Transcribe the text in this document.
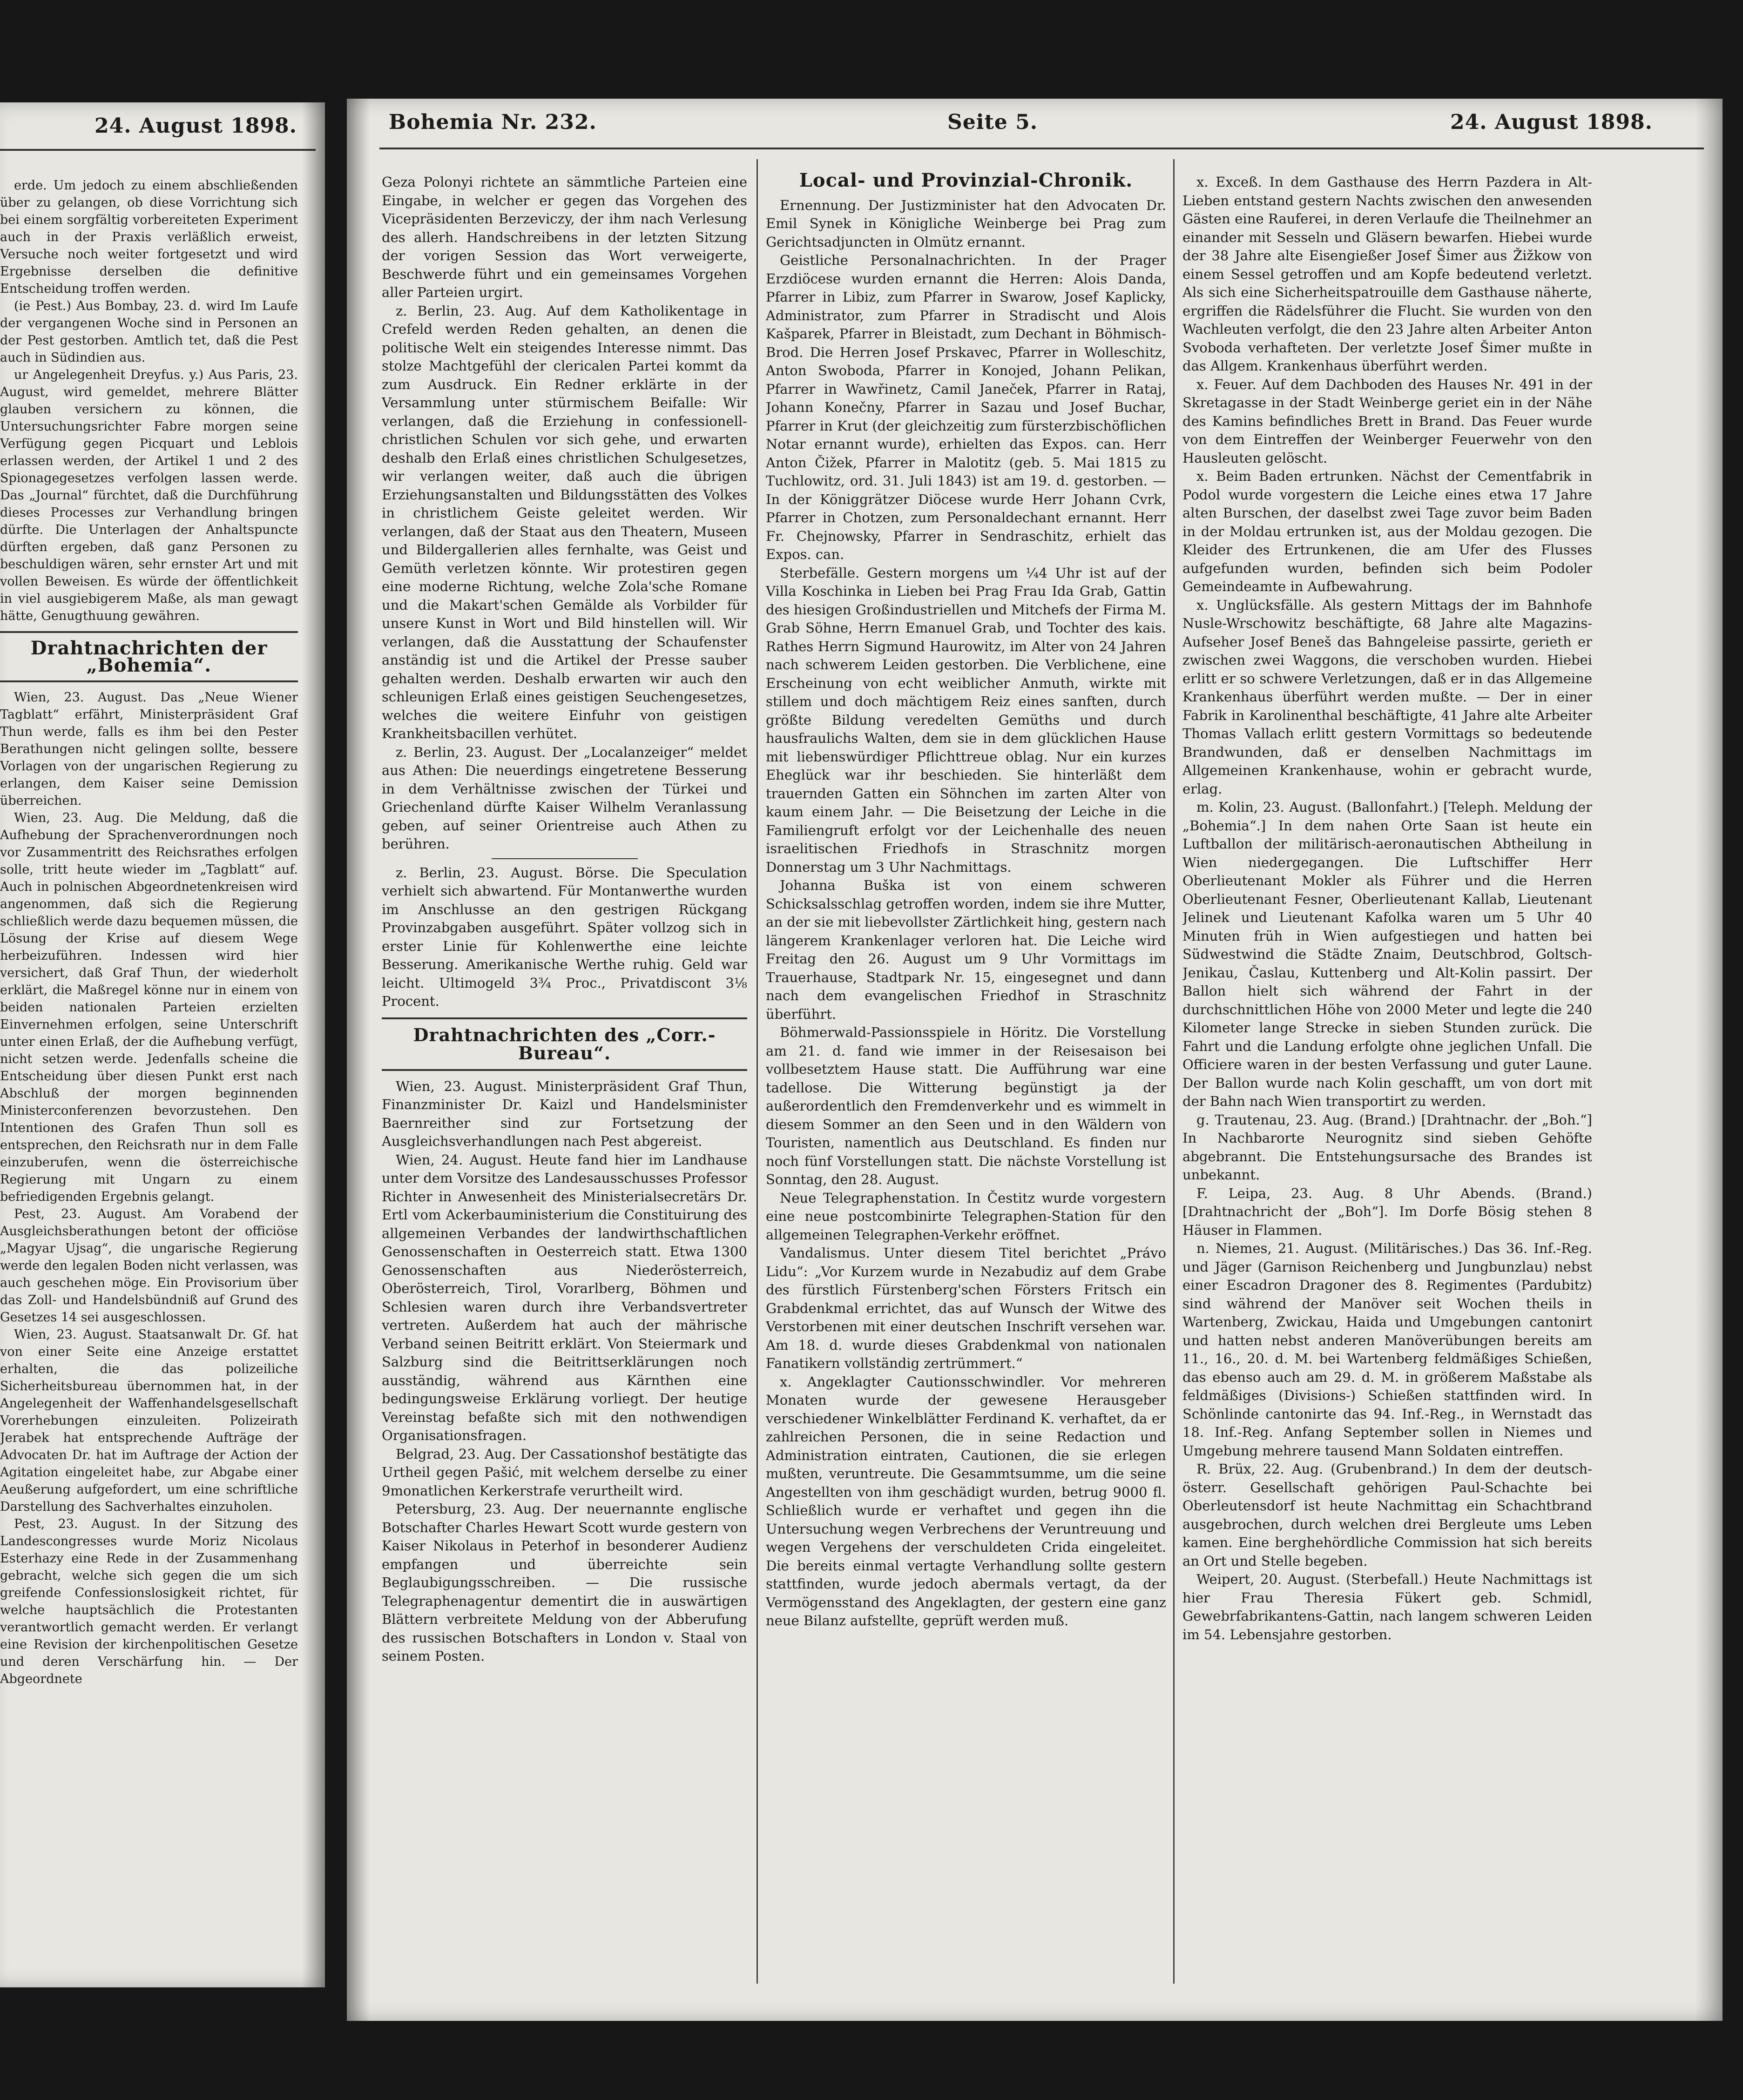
24. August 1898.

erde. Um jedoch zu einem abschließenden über zu gelangen, ob diese Vorrichtung sich bei einem sorgfältig vorbereiteten Experiment auch in der Praxis verläßlich erweist, Versuche noch weiter fortgesetzt und wird Ergebnisse derselben die definitive Entscheidung troffen werden.

(ie Pest.) Aus Bombay, 23. d. wird Im Laufe der vergangenen Woche sind in Personen an der Pest gestorben. Amtlich tet, daß die Pest auch in Südindien aus.

ur Angelegenheit Dreyfus. y.) Aus Paris, 23. August, wird gemeldet, mehrere Blätter glauben versichern zu können, die Untersuchungsrichter Fabre morgen seine Verfügung gegen Picquart und Leblois erlassen werden, der Artikel 1 und 2 des Spionagegesetzes verfolgen lassen werde. Das „Journal“ fürchtet, daß die Durchführung dieses Processes zur Verhandlung bringen dürfte. Die Unterlagen der Anhaltspuncte dürften ergeben, daß ganz Personen zu beschuldigen wären, sehr ernster Art und mit vollen Beweisen. Es würde der öffentlichkeit in viel ausgiebigerem Maße, als man gewagt hätte, Genugthuung gewähren.

Drahtnachrichten der „Bohemia“.

Wien, 23. August. Das „Neue Wiener Tagblatt“ erfährt, Ministerpräsident Graf Thun werde, falls es ihm bei den Pester Berathungen nicht gelingen sollte, bessere Vorlagen von der ungarischen Regierung zu erlangen, dem Kaiser seine Demission überreichen.

Wien, 23. Aug. Die Meldung, daß die Aufhebung der Sprachenverordnungen noch vor Zusammentritt des Reichsrathes erfolgen solle, tritt heute wieder im „Tagblatt“ auf. Auch in polnischen Abgeordnetenkreisen wird angenommen, daß sich die Regierung schließlich werde dazu bequemen müssen, die Lösung der Krise auf diesem Wege herbeizuführen. Indessen wird hier versichert, daß Graf Thun, der wiederholt erklärt, die Maßregel könne nur in einem von beiden nationalen Parteien erzielten Einvernehmen erfolgen, seine Unterschrift unter einen Erlaß, der die Aufhebung verfügt, nicht setzen werde. Jedenfalls scheine die Entscheidung über diesen Punkt erst nach Abschluß der morgen beginnenden Ministerconferenzen bevorzustehen. Den Intentionen des Grafen Thun soll es entsprechen, den Reichsrath nur in dem Falle einzuberufen, wenn die österreichische Regierung mit Ungarn zu einem befriedigenden Ergebnis gelangt.

Pest, 23. August. Am Vorabend der Ausgleichsberathungen betont der officiöse „Magyar Ujsag“, die ungarische Regierung werde den legalen Boden nicht verlassen, was auch geschehen möge. Ein Provisorium über das Zoll- und Handelsbündniß auf Grund des Gesetzes 14 sei ausgeschlossen.

Wien, 23. August. Staatsanwalt Dr. Gf. hat von einer Seite eine Anzeige erstattet erhalten, die das polizeiliche Sicherheitsbureau übernommen hat, in der Angelegenheit der Waffenhandelsgesellschaft Vorerhebungen einzuleiten. Polizeirath Jerabek hat entsprechende Aufträge der Advocaten Dr. hat im Auftrage der Action der Agitation eingeleitet habe, zur Abgabe einer Aeußerung aufgefordert, um eine schriftliche Darstellung des Sachverhaltes einzuholen.

Pest, 23. August. In der Sitzung des Landescongresses wurde Moriz Nicolaus Esterhazy eine Rede in der Zusammenhang gebracht, welche sich gegen die um sich greifende Confessionslosigkeit richtet, für welche hauptsächlich die Protestanten verantwortlich gemacht werden. Er verlangt eine Revision der kirchenpolitischen Gesetze und deren Verschärfung hin. — Der Abgeordnete

Bohemia Nr. 232.	Seite 5.	24. August 1898.

Geza Polonyi richtete an sämmtliche Parteien eine Eingabe, in welcher er gegen das Vorgehen des Vicepräsidenten Berzeviczy, der ihm nach Verlesung des allerh. Handschreibens in der letzten Sitzung der vorigen Session das Wort verweigerte, Beschwerde führt und ein gemeinsames Vorgehen aller Parteien urgirt.

z. Berlin, 23. Aug. Auf dem Katholikentage in Crefeld werden Reden gehalten, an denen die politische Welt ein steigendes Interesse nimmt. Das stolze Machtgefühl der clericalen Partei kommt da zum Ausdruck. Ein Redner erklärte in der Versammlung unter stürmischem Beifalle: Wir verlangen, daß die Erziehung in confessionell-christlichen Schulen vor sich gehe, und erwarten deshalb den Erlaß eines christlichen Schulgesetzes, wir verlangen weiter, daß auch die übrigen Erziehungsanstalten und Bildungsstätten des Volkes in christlichem Geiste geleitet werden. Wir verlangen, daß der Staat aus den Theatern, Museen und Bildergallerien alles fernhalte, was Geist und Gemüth verletzen könnte. Wir protestiren gegen eine moderne Richtung, welche Zola'sche Romane und die Makart'schen Gemälde als Vorbilder für unsere Kunst in Wort und Bild hinstellen will. Wir verlangen, daß die Ausstattung der Schaufenster anständig ist und die Artikel der Presse sauber gehalten werden. Deshalb erwarten wir auch den schleunigen Erlaß eines geistigen Seuchengesetzes, welches die weitere Einfuhr von geistigen Krankheitsbacillen verhütet.

z. Berlin, 23. August. Der „Localanzeiger“ meldet aus Athen: Die neuerdings eingetretene Besserung in dem Verhältnisse zwischen der Türkei und Griechenland dürfte Kaiser Wilhelm Veranlassung geben, auf seiner Orientreise auch Athen zu berühren.

z. Berlin, 23. August. Börse. Die Speculation verhielt sich abwartend. Für Montanwerthe wurden im Anschlusse an den gestrigen Rückgang Provinzabgaben ausgeführt. Später vollzog sich in erster Linie für Kohlenwerthe eine leichte Besserung. Amerikanische Werthe ruhig. Geld war leicht. Ultimogeld 3¾ Proc., Privatdiscont 3⅛ Procent.

Drahtnachrichten des „Corr.-Bureau“.

Wien, 23. August. Ministerpräsident Graf Thun, Finanzminister Dr. Kaizl und Handelsminister Baernreither sind zur Fortsetzung der Ausgleichsverhandlungen nach Pest abgereist.

Wien, 24. August. Heute fand hier im Landhause unter dem Vorsitze des Landesausschusses Professor Richter in Anwesenheit des Ministerialsecretärs Dr. Ertl vom Ackerbauministerium die Constituirung des allgemeinen Verbandes der landwirthschaftlichen Genossenschaften in Oesterreich statt. Etwa 1300 Genossenschaften aus Niederösterreich, Oberösterreich, Tirol, Vorarlberg, Böhmen und Schlesien waren durch ihre Verbandsvertreter vertreten. Außerdem hat auch der mährische Verband seinen Beitritt erklärt. Von Steiermark und Salzburg sind die Beitrittserklärungen noch ausständig, während aus Kärnthen eine bedingungsweise Erklärung vorliegt. Der heutige Vereinstag befaßte sich mit den nothwendigen Organisationsfragen.

Belgrad, 23. Aug. Der Cassationshof bestätigte das Urtheil gegen Pašić, mit welchem derselbe zu einer 9monatlichen Kerkerstrafe verurtheilt wird.

Petersburg, 23. Aug. Der neuernannte englische Botschafter Charles Hewart Scott wurde gestern von Kaiser Nikolaus in Peterhof in besonderer Audienz empfangen und überreichte sein Beglaubigungsschreiben. — Die russische Telegraphenagentur dementirt die in auswärtigen Blättern verbreitete Meldung von der Abberufung des russischen Botschafters in London v. Staal von seinem Posten.

Local- und Provinzial-Chronik.

Ernennung. Der Justizminister hat den Advocaten Dr. Emil Synek in Königliche Weinberge bei Prag zum Gerichtsadjuncten in Olmütz ernannt.

Geistliche Personalnachrichten. In der Prager Erzdiöcese wurden ernannt die Herren: Alois Danda, Pfarrer in Libiz, zum Pfarrer in Swarow, Josef Kaplicky, Administrator, zum Pfarrer in Stradischt und Alois Kašparek, Pfarrer in Bleistadt, zum Dechant in Böhmisch-Brod. Die Herren Josef Prskavec, Pfarrer in Wolleschitz, Anton Swoboda, Pfarrer in Konojed, Johann Pelikan, Pfarrer in Wawřinetz, Camil Janeček, Pfarrer in Rataj, Johann Konečny, Pfarrer in Sazau und Josef Buchar, Pfarrer in Krut (der gleichzeitig zum fürsterzbischöflichen Notar ernannt wurde), erhielten das Expos. can. Herr Anton Čižek, Pfarrer in Malotitz (geb. 5. Mai 1815 zu Tuchlowitz, ord. 31. Juli 1843) ist am 19. d. gestorben. — In der Königgrätzer Diöcese wurde Herr Johann Cvrk, Pfarrer in Chotzen, zum Personaldechant ernannt. Herr Fr. Chejnowsky, Pfarrer in Sendraschitz, erhielt das Expos. can.

Sterbefälle. Gestern morgens um ¼4 Uhr ist auf der Villa Koschinka in Lieben bei Prag Frau Ida Grab, Gattin des hiesigen Großindustriellen und Mitchefs der Firma M. Grab Söhne, Herrn Emanuel Grab, und Tochter des kais. Rathes Herrn Sigmund Haurowitz, im Alter von 24 Jahren nach schwerem Leiden gestorben. Die Verblichene, eine Erscheinung von echt weiblicher Anmuth, wirkte mit stillem und doch mächtigem Reiz eines sanften, durch größte Bildung veredelten Gemüths und durch hausfraulichs Walten, dem sie in dem glücklichen Hause mit liebenswürdiger Pflichttreue oblag. Nur ein kurzes Eheglück war ihr beschieden. Sie hinterläßt dem trauernden Gatten ein Söhnchen im zarten Alter von kaum einem Jahr. — Die Beisetzung der Leiche in die Familiengruft erfolgt vor der Leichenhalle des neuen israelitischen Friedhofs in Straschnitz morgen Donnerstag um 3 Uhr Nachmittags.

Johanna Buška ist von einem schweren Schicksalsschlag getroffen worden, indem sie ihre Mutter, an der sie mit liebevollster Zärtlichkeit hing, gestern nach längerem Krankenlager verloren hat. Die Leiche wird Freitag den 26. August um 9 Uhr Vormittags im Trauerhause, Stadtpark Nr. 15, eingesegnet und dann nach dem evangelischen Friedhof in Straschnitz überführt.

Böhmerwald-Passionsspiele in Höritz. Die Vorstellung am 21. d. fand wie immer in der Reisesaison bei vollbesetztem Hause statt. Die Aufführung war eine tadellose. Die Witterung begünstigt ja der außerordentlich den Fremdenverkehr und es wimmelt in diesem Sommer an den Seen und in den Wäldern von Touristen, namentlich aus Deutschland. Es finden nur noch fünf Vorstellungen statt. Die nächste Vorstellung ist Sonntag, den 28. August.

Neue Telegraphenstation. In Čestitz wurde vorgestern eine neue postcombinirte Telegraphen-Station für den allgemeinen Telegraphen-Verkehr eröffnet.

Vandalismus. Unter diesem Titel berichtet „Právo Lidu“: „Vor Kurzem wurde in Nezabudiz auf dem Grabe des fürstlich Fürstenberg'schen Försters Fritsch ein Grabdenkmal errichtet, das auf Wunsch der Witwe des Verstorbenen mit einer deutschen Inschrift versehen war. Am 18. d. wurde dieses Grabdenkmal von nationalen Fanatikern vollständig zertrümmert.“

x. Angeklagter Cautionsschwindler. Vor mehreren Monaten wurde der gewesene Herausgeber verschiedener Winkelblätter Ferdinand K. verhaftet, da er zahlreichen Personen, die in seine Redaction und Administration eintraten, Cautionen, die sie erlegen mußten, veruntreute. Die Gesammtsumme, um die seine Angestellten von ihm geschädigt wurden, betrug 9000 fl. Schließlich wurde er verhaftet und gegen ihn die Untersuchung wegen Verbrechens der Veruntreuung und wegen Vergehens der verschuldeten Crida eingeleitet. Die bereits einmal vertagte Verhandlung sollte gestern stattfinden, wurde jedoch abermals vertagt, da der Vermögensstand des Angeklagten, der gestern eine ganz neue Bilanz aufstellte, geprüft werden muß.

x. Exceß. In dem Gasthause des Herrn Pazdera in Alt-Lieben entstand gestern Nachts zwischen den anwesenden Gästen eine Rauferei, in deren Verlaufe die Theilnehmer an einander mit Sesseln und Gläsern bewarfen. Hiebei wurde der 38 Jahre alte Eisengießer Josef Šimer aus Žižkow von einem Sessel getroffen und am Kopfe bedeutend verletzt. Als sich eine Sicherheitspatrouille dem Gasthause näherte, ergriffen die Rädelsführer die Flucht. Sie wurden von den Wachleuten verfolgt, die den 23 Jahre alten Arbeiter Anton Svoboda verhafteten. Der verletzte Josef Šimer mußte in das Allgem. Krankenhaus überführt werden.

x. Feuer. Auf dem Dachboden des Hauses Nr. 491 in der Skretagasse in der Stadt Weinberge geriet ein in der Nähe des Kamins befindliches Brett in Brand. Das Feuer wurde von dem Eintreffen der Weinberger Feuerwehr von den Hausleuten gelöscht.

x. Beim Baden ertrunken. Nächst der Cementfabrik in Podol wurde vorgestern die Leiche eines etwa 17 Jahre alten Burschen, der daselbst zwei Tage zuvor beim Baden in der Moldau ertrunken ist, aus der Moldau gezogen. Die Kleider des Ertrunkenen, die am Ufer des Flusses aufgefunden wurden, befinden sich beim Podoler Gemeindeamte in Aufbewahrung.

x. Unglücksfälle. Als gestern Mittags der im Bahnhofe Nusle-Wrschowitz beschäftigte, 68 Jahre alte Magazins-Aufseher Josef Beneš das Bahngeleise passirte, gerieth er zwischen zwei Waggons, die verschoben wurden. Hiebei erlitt er so schwere Verletzungen, daß er in das Allgemeine Krankenhaus überführt werden mußte. — Der in einer Fabrik in Karolinenthal beschäftigte, 41 Jahre alte Arbeiter Thomas Vallach erlitt gestern Vormittags so bedeutende Brandwunden, daß er denselben Nachmittags im Allgemeinen Krankenhause, wohin er gebracht wurde, erlag.

m. Kolin, 23. August. (Ballonfahrt.) [Teleph. Meldung der „Bohemia“.] In dem nahen Orte Saan ist heute ein Luftballon der militärisch-aeronautischen Abtheilung in Wien niedergegangen. Die Luftschiffer Herr Oberlieutenant Mokler als Führer und die Herren Oberlieutenant Fesner, Oberlieutenant Kallab, Lieutenant Jelinek und Lieutenant Kafolka waren um 5 Uhr 40 Minuten früh in Wien aufgestiegen und hatten bei Südwestwind die Städte Znaim, Deutschbrod, Goltsch-Jenikau, Časlau, Kuttenberg und Alt-Kolin passirt. Der Ballon hielt sich während der Fahrt in der durchschnittlichen Höhe von 2000 Meter und legte die 240 Kilometer lange Strecke in sieben Stunden zurück. Die Fahrt und die Landung erfolgte ohne jeglichen Unfall. Die Officiere waren in der besten Verfassung und guter Laune. Der Ballon wurde nach Kolin geschafft, um von dort mit der Bahn nach Wien transportirt zu werden.

g. Trautenau, 23. Aug. (Brand.) [Drahtnachr. der „Boh.“] In Nachbarorte Neurognitz sind sieben Gehöfte abgebrannt. Die Entstehungsursache des Brandes ist unbekannt.

F. Leipa, 23. Aug. 8 Uhr Abends. (Brand.) [Drahtnachricht der „Boh“]. Im Dorfe Bösig stehen 8 Häuser in Flammen.

n. Niemes, 21. August. (Militärisches.) Das 36. Inf.-Reg. und Jäger (Garnison Reichenberg und Jungbunzlau) nebst einer Escadron Dragoner des 8. Regimentes (Pardubitz) sind während der Manöver seit Wochen theils in Wartenberg, Zwickau, Haida und Umgebungen cantonirt und hatten nebst anderen Manöverübungen bereits am 11., 16., 20. d. M. bei Wartenberg feldmäßiges Schießen, das ebenso auch am 29. d. M. in größerem Maßstabe als feldmäßiges (Divisions-) Schießen stattfinden wird. In Schönlinde cantonirte das 94. Inf.-Reg., in Wernstadt das 18. Inf.-Reg. Anfang September sollen in Niemes und Umgebung mehrere tausend Mann Soldaten eintreffen.

R. Brüx, 22. Aug. (Grubenbrand.) In dem der deutsch-österr. Gesellschaft gehörigen Paul-Schachte bei Oberleutensdorf ist heute Nachmittag ein Schachtbrand ausgebrochen, durch welchen drei Bergleute ums Leben kamen. Eine berghehördliche Commission hat sich bereits an Ort und Stelle begeben.

Weipert, 20. August. (Sterbefall.) Heute Nachmittags ist hier Frau Theresia Fükert geb. Schmidl, Gewebrfabrikantens-Gattin, nach langem schweren Leiden im 54. Lebensjahre gestorben.
